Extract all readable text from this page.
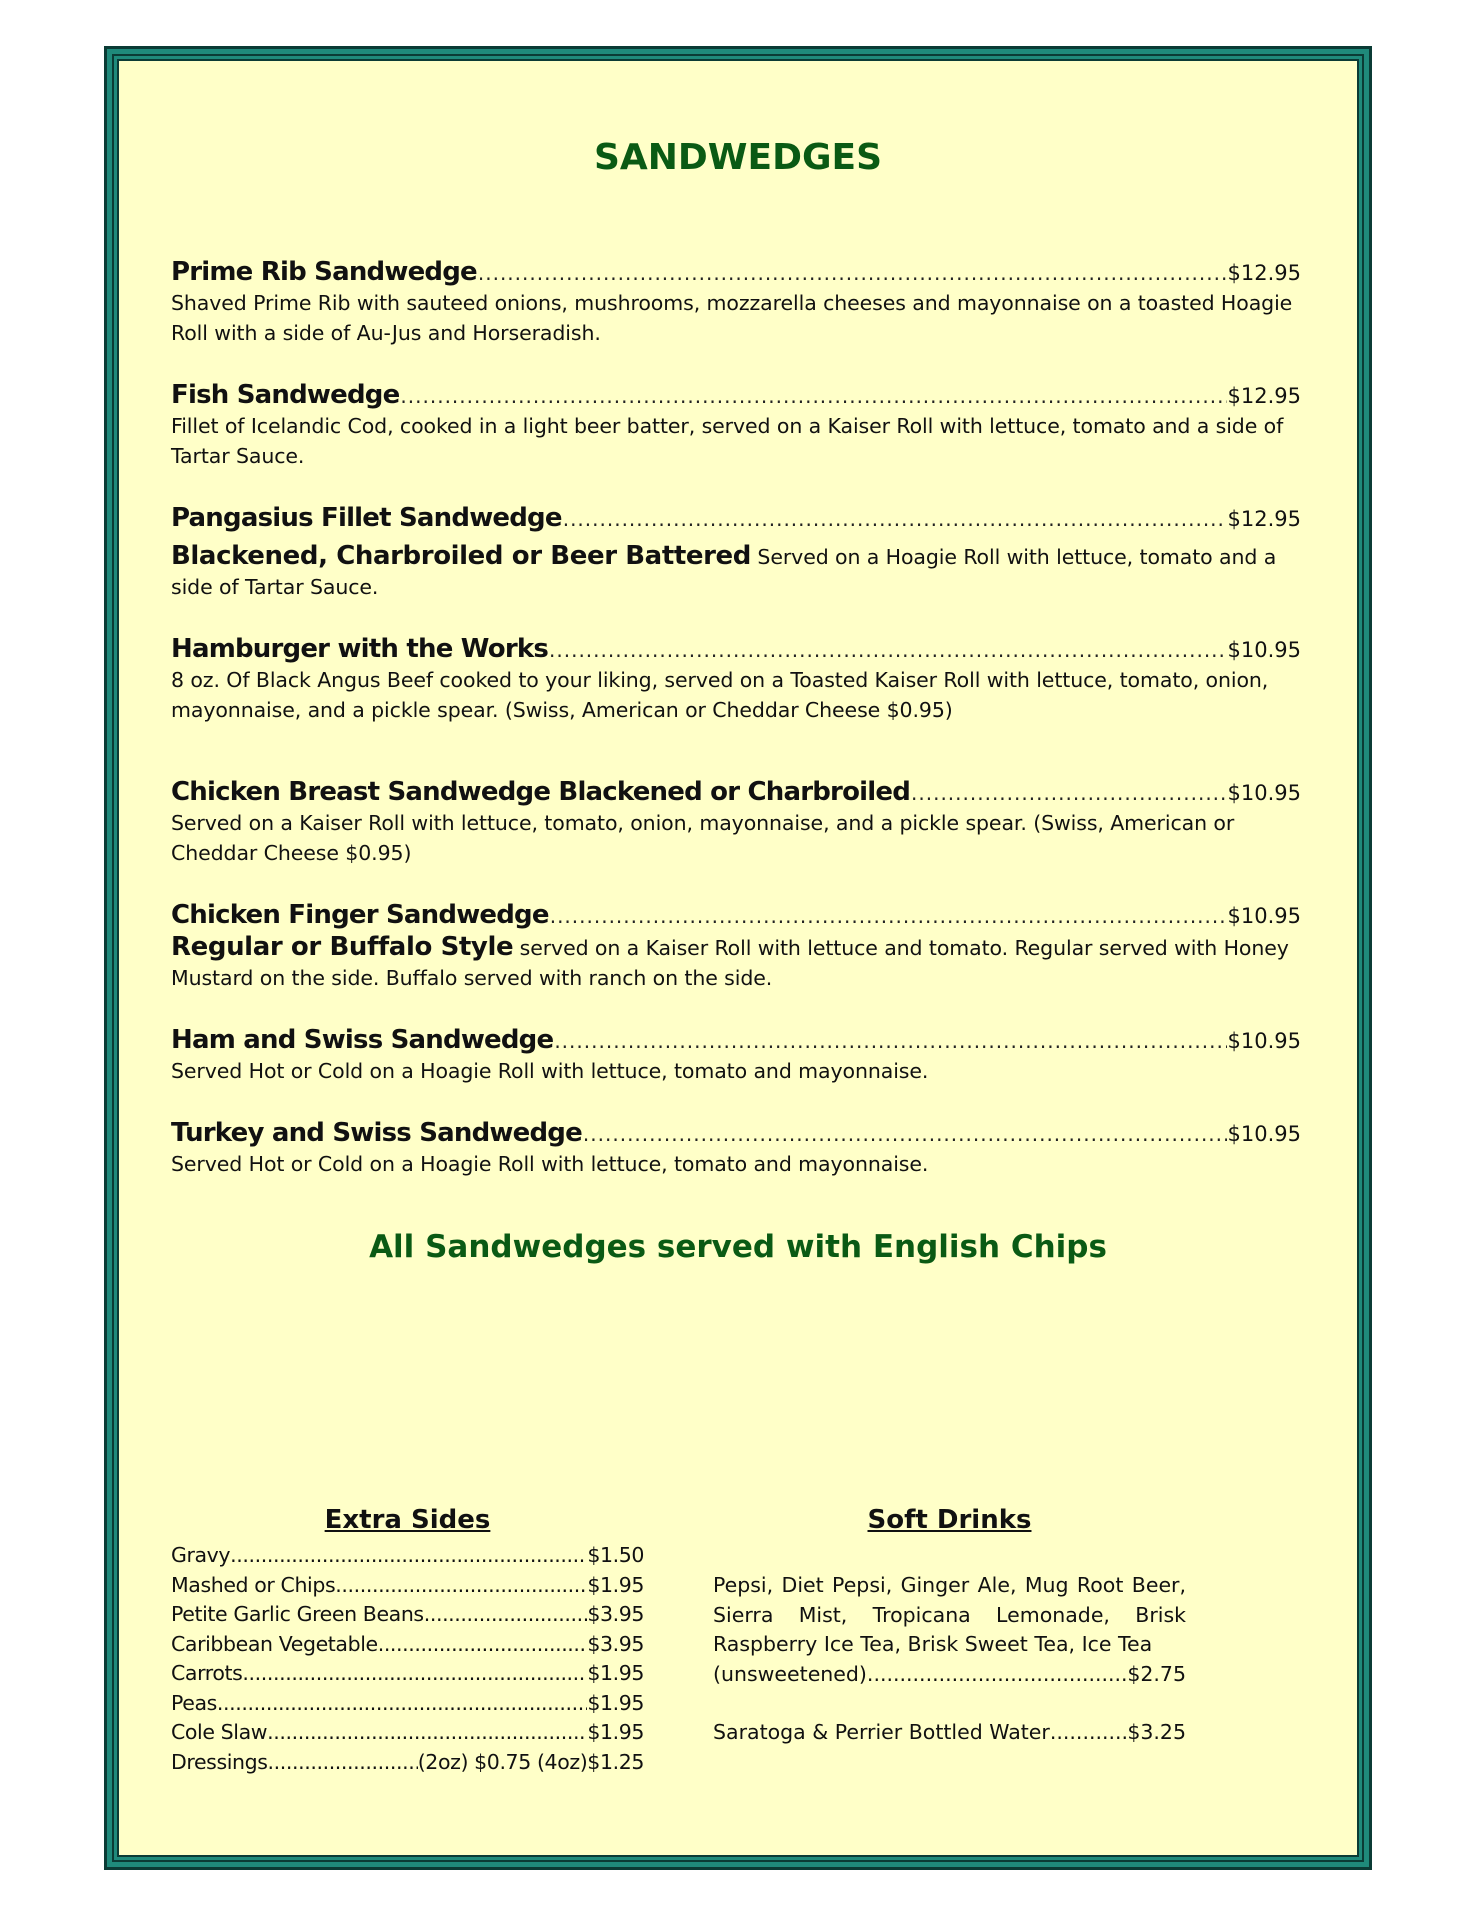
SANDWEDGES
Prime Rib Sandwedge .....	$12.95
Shaved Prime Rib with sauteed onions, mushrooms, mozzarella cheeses and mayonnaise on a toasted Hoagie Roll with a side of Au-Jus and Horseradish.
Fish Sandwedge .....	$12.95
Fillet of Icelandic Cod, cooked in a light beer batter, served on a Kaiser Roll with lettuce, tomato and a side of Tartar Sauce.
Pangasius Fillet Sandwedge .....	$12.95
Blackened, Charbroiled or Beer Battered Served on a Hoagie Roll with lettuce, tomato and a side of Tartar Sauce.
Hamburger with the Works .....	$10.95
8 oz. Of Black Angus Beef cooked to your liking, served on a Toasted Kaiser Roll with lettuce, tomato, onion, mayonnaise, and a pickle spear. (Swiss, American or Cheddar Cheese $0.95)
Chicken Breast Sandwedge Blackened or Charbroiled .....	$10.95
Served on a Kaiser Roll with lettuce, tomato, onion, mayonnaise, and a pickle spear. (Swiss, American or Cheddar Cheese $0.95)
Chicken Finger Sandwedge .....	$10.95
Regular or Buffalo Style served on a Kaiser Roll with lettuce and tomato. Regular served with Honey Mustard on the side. Buffalo served with ranch on the side.
Ham and Swiss Sandwedge .....	$10.95
Served Hot or Cold on a Hoagie Roll with lettuce, tomato and mayonnaise.
Turkey and Swiss Sandwedge .....	$10.95
Served Hot or Cold on a Hoagie Roll with lettuce, tomato and mayonnaise.
All Sandwedges served with English Chips
Extra Sides
Gravy .....	$1.50
Mashed or Chips .....	$1.95
Petite Garlic Green Beans .....	$3.95
Caribbean Vegetable .....	$3.95
Carrots .....	$1.95
Peas .....	$1.95
Cole Slaw .....	$1.95
Dressings .....	(2oz) $0.75 (4oz)$1.25
Soft Drinks
Pepsi, Diet Pepsi, Ginger Ale, Mug Root Beer, Sierra Mist, Tropicana Lemonade, Brisk Raspberry Ice Tea, Brisk Sweet Tea, Ice Tea
(unsweetened) .....	$2.75
Saratoga & Perrier Bottled Water .....	$3.25
